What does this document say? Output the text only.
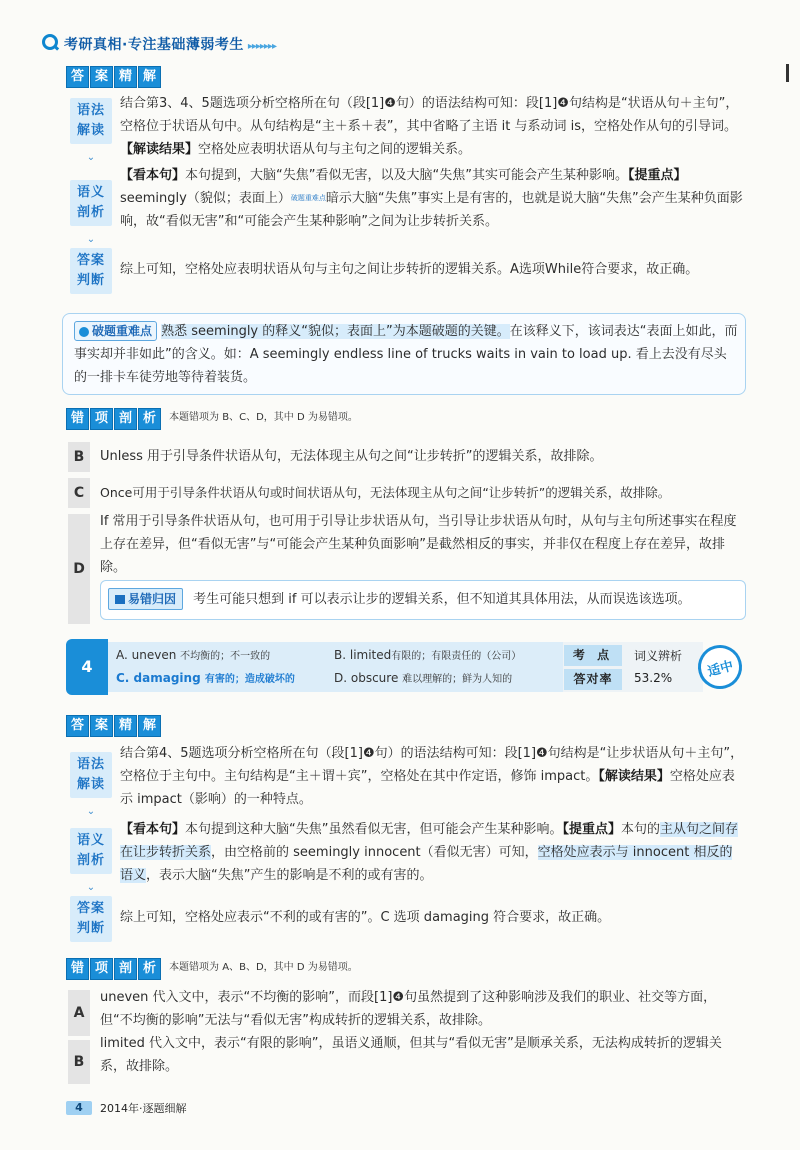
考研真相·专注基础薄弱考生 ▸▸▸▸▸▸▸
答 案 精 解
语法
解读
⌄
结合第3、4、5题选项分析空格所在句（段[1]❹句）的语法结构可知：段[1]❹句结构是“状语从句＋主句”，空格位于状语从句中。从句结构是“主＋系＋表”，其中省略了主语 it 与系动词 is，空格处作从句的引导词。【解读结果】空格处应表明状语从句与主句之间的逻辑关系。
语义
剖析
⌄
【看本句】本句提到，大脑“失焦”看似无害，以及大脑“失焦”其实可能会产生某种影响。【提重点】seemingly（貌似；表面上）$^{破题重难点}$暗示大脑“失焦”事实上是有害的，也就是说大脑“失焦”会产生某种负面影响，故“看似无害”和“可能会产生某种影响”之间为让步转折关系。
答案
判断
综上可知，空格处应表明状语从句与主句之间让步转折的逻辑关系。A选项While符合要求，故正确。
破题重难点 熟悉 seemingly 的释义“貌似；表面上”为本题破题的关键。在该释义下，该词表达“表面上如此，而事实却并非如此”的含义。如：A seemingly endless line of trucks waits in vain to load up. 看上去没有尽头的一排卡车徒劳地等待着装货。
错 项 剖 析	本题错项为 B、C、D，其中 D 为易错项。
B	Unless 用于引导条件状语从句，无法体现主从句之间“让步转折”的逻辑关系，故排除。
C	Once可用于引导条件状语从句或时间状语从句，无法体现主从句之间“让步转折”的逻辑关系，故排除。
D
If 常用于引导条件状语从句，也可用于引导让步状语从句，当引导让步状语从句时，从句与主句所述事实在程度上存在差异，但“看似无害”与“可能会产生某种负面影响”是截然相反的事实，并非仅在程度上存在差异，故排除。
易错归因 考生可能只想到 if 可以表示让步的逻辑关系，但不知道其具体用法，从而误选该选项。
4
A. uneven 不均衡的；不一致的	B. limited有限的；有限责任的（公司）
C. damaging 有害的；造成破坏的	D. obscure 难以理解的；鲜为人知的
考 点	词义辨析
答对率	53.2%	适中
答 案 精 解
语法
解读
⌄
结合第4、5题选项分析空格所在句（段[1]❹句）的语法结构可知：段[1]❹句结构是“让步状语从句＋主句”，空格位于主句中。主句结构是“主＋谓＋宾”，空格处在其中作定语，修饰 impact。【解读结果】空格处应表示 impact（影响）的一种特点。
语义
剖析
⌄
【看本句】本句提到这种大脑“失焦”虽然看似无害，但可能会产生某种影响。【提重点】本句的主从句之间存在让步转折关系，由空格前的 seemingly innocent（看似无害）可知，空格处应表示与 innocent 相反的语义，表示大脑“失焦”产生的影响是不利的或有害的。
答案
判断
综上可知，空格处应表示“不利的或有害的”。C 选项 damaging 符合要求，故正确。
错 项 剖 析	本题错项为 A、B、D，其中 D 为易错项。
A
uneven 代入文中，表示“不均衡的影响”，而段[1]❹句虽然提到了这种影响涉及我们的职业、社交等方面，但“不均衡的影响”无法与“看似无害”构成转折的逻辑关系，故排除。
B
limited 代入文中，表示“有限的影响”，虽语义通顺，但其与“看似无害”是顺承关系，无法构成转折的逻辑关系，故排除。
4	2014年·逐题细解
